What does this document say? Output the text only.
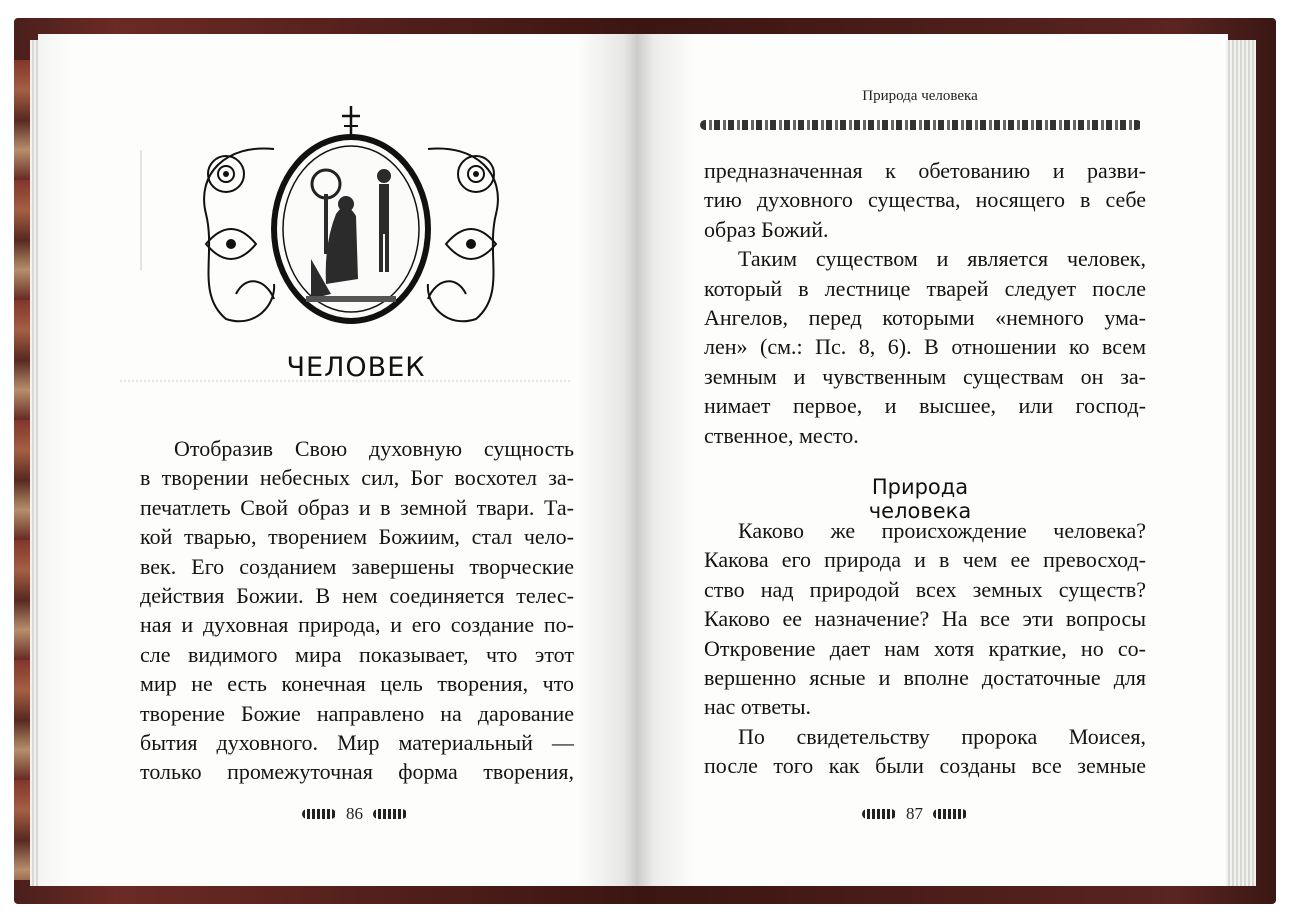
ЧЕЛОВЕК
Отобразив Свою духовную сущность
в творении небесных сил, Бог восхотел за-
печатлеть Свой образ и в земной твари. Та-
кой тварью, творением Божиим, стал чело-
век. Его созданием завершены творческие
действия Божии. В нем соединяется телес-
ная и духовная природа, и его создание по-
сле видимого мира показывает, что этот
мир не есть конечная цель творения, что
творение Божие направлено на дарование
бытия духовного. Мир материальный —
только промежуточная форма творения,
86
Природа человека
предназначенная к обетованию и разви-
тию духовного существа, носящего в себе
образ Божий.
Таким существом и является человек,
который в лестнице тварей следует после
Ангелов, перед которыми «немного ума-
лен» (см.: Пс. 8, 6). В отношении ко всем
земным и чувственным существам он за-
нимает первое, и высшее, или господ-
ственное, место.
Природа человека
Каково же происхождение человека?
Какова его природа и в чем ее превосход-
ство над природой всех земных существ?
Каково ее назначение? На все эти вопросы
Откровение дает нам хотя краткие, но со-
вершенно ясные и вполне достаточные для
нас ответы.
По свидетельству пророка Моисея,
после того как были созданы все земные
87
